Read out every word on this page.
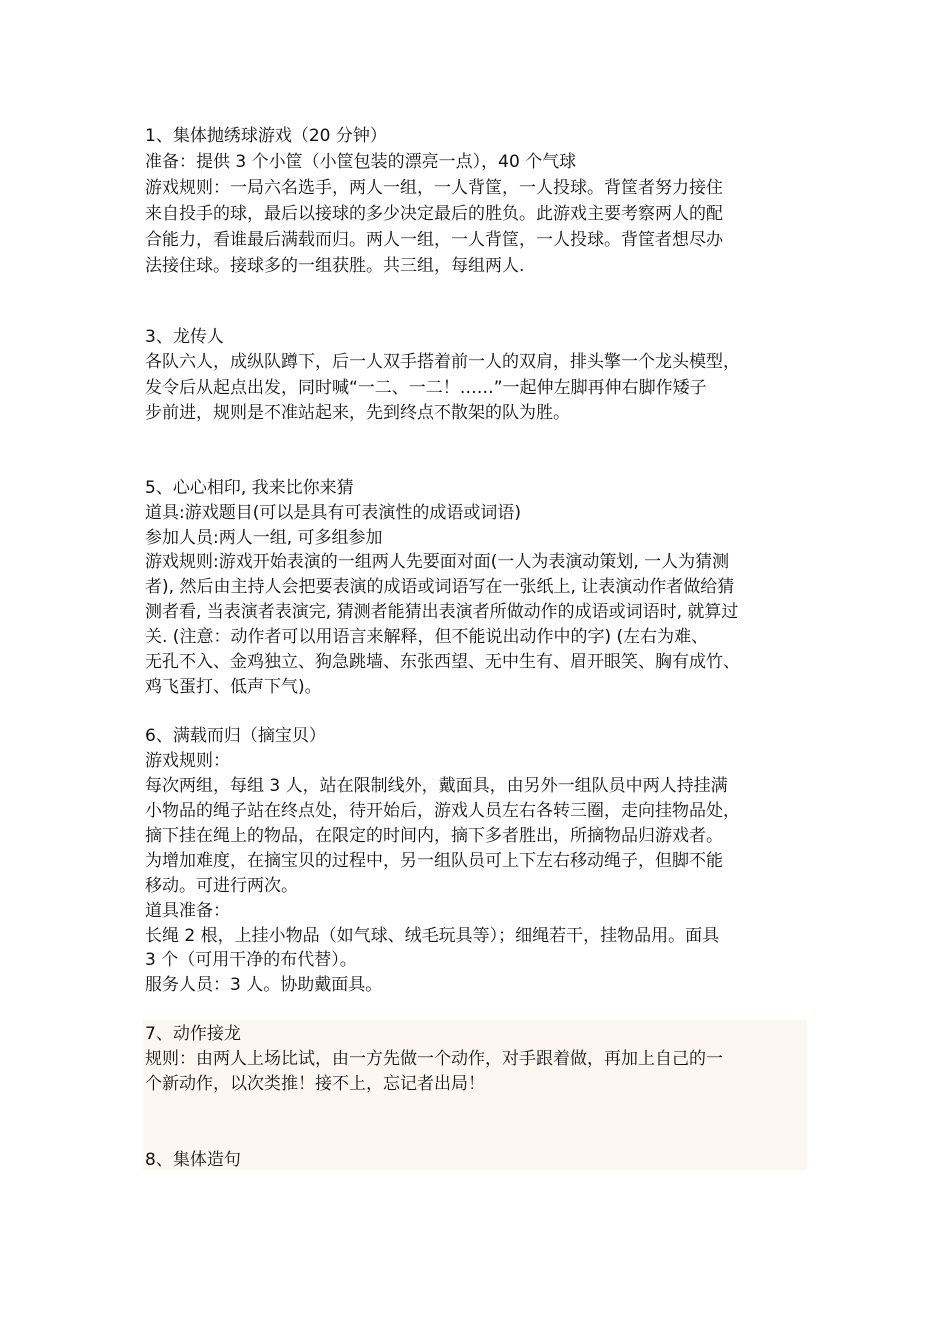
1、集体抛绣球游戏（20 分钟）
准备：提供 3 个小筐（小筐包装的漂亮一点），40 个气球
游戏规则：一局六名选手，两人一组，一人背筐，一人投球。背筐者努力接住
来自投手的球，最后以接球的多少决定最后的胜负。此游戏主要考察两人的配
合能力，看谁最后满载而归。两人一组，一人背筐，一人投球。背筐者想尽办
法接住球。接球多的一组获胜。共三组，每组两人.
3、龙传人
各队六人，成纵队蹲下，后一人双手搭着前一人的双肩，排头擎一个龙头模型，
发令后从起点出发，同时喊“一二、一二！……”一起伸左脚再伸右脚作矮子
步前进，规则是不准站起来，先到终点不散架的队为胜。
5、心心相印, 我来比你来猜
道具:游戏题目(可以是具有可表演性的成语或词语)
参加人员:两人一组, 可多组参加
游戏规则:游戏开始表演的一组两人先要面对面(一人为表演动策划, 一人为猜测
者), 然后由主持人会把要表演的成语或词语写在一张纸上, 让表演动作者做给猜
测者看, 当表演者表演完, 猜测者能猜出表演者所做动作的成语或词语时, 就算过
关. (注意：动作者可以用语言来解释，但不能说出动作中的字) (左右为难、
无孔不入、金鸡独立、狗急跳墙、东张西望、无中生有、眉开眼笑、胸有成竹、
鸡飞蛋打、低声下气)。
6、满载而归（摘宝贝）
游戏规则：
每次两组，每组 3 人，站在限制线外，戴面具，由另外一组队员中两人持挂满
小物品的绳子站在终点处，待开始后，游戏人员左右各转三圈，走向挂物品处，
摘下挂在绳上的物品，在限定的时间内，摘下多者胜出，所摘物品归游戏者。
为增加难度，在摘宝贝的过程中，另一组队员可上下左右移动绳子，但脚不能
移动。可进行两次。
道具准备：
长绳 2 根，上挂小物品（如气球、绒毛玩具等）；细绳若干，挂物品用。面具
3 个（可用干净的布代替）。
服务人员：3 人。协助戴面具。
7、动作接龙
规则：由两人上场比试，由一方先做一个动作，对手跟着做，再加上自己的一
个新动作，以次类推！接不上，忘记者出局！
8、集体造句
